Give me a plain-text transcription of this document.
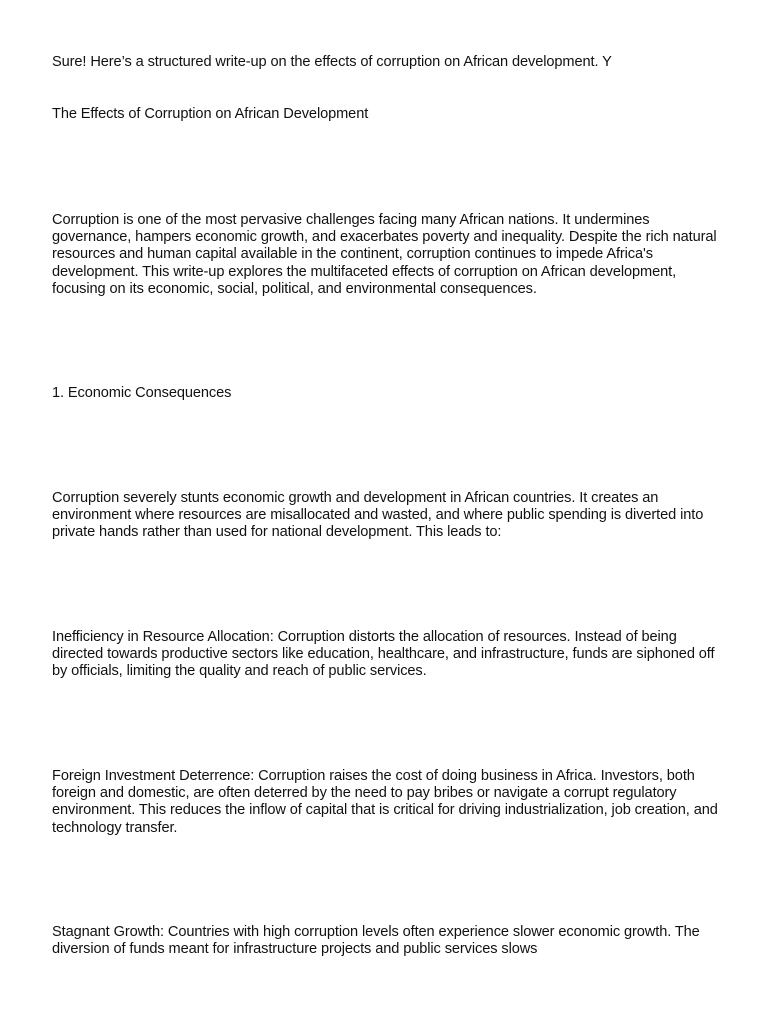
Sure! Here’s a structured write-up on the effects of corruption on African development. Y

The Effects of Corruption on African Development

Corruption is one of the most pervasive challenges facing many African nations. It undermines governance, hampers economic growth, and exacerbates poverty and inequality. Despite the rich natural resources and human capital available in the continent, corruption continues to impede Africa's development. This write-up explores the multifaceted effects of corruption on African development, focusing on its economic, social, political, and environmental consequences.

1. Economic Consequences

Corruption severely stunts economic growth and development in African countries. It creates an environment where resources are misallocated and wasted, and where public spending is diverted into private hands rather than used for national development. This leads to:

Inefficiency in Resource Allocation: Corruption distorts the allocation of resources. Instead of being directed towards productive sectors like education, healthcare, and infrastructure, funds are siphoned off by officials, limiting the quality and reach of public services.

Foreign Investment Deterrence: Corruption raises the cost of doing business in Africa. Investors, both foreign and domestic, are often deterred by the need to pay bribes or navigate a corrupt regulatory environment. This reduces the inflow of capital that is critical for driving industrialization, job creation, and technology transfer.

Stagnant Growth: Countries with high corruption levels often experience slower economic growth. The diversion of funds meant for infrastructure projects and public services slows
